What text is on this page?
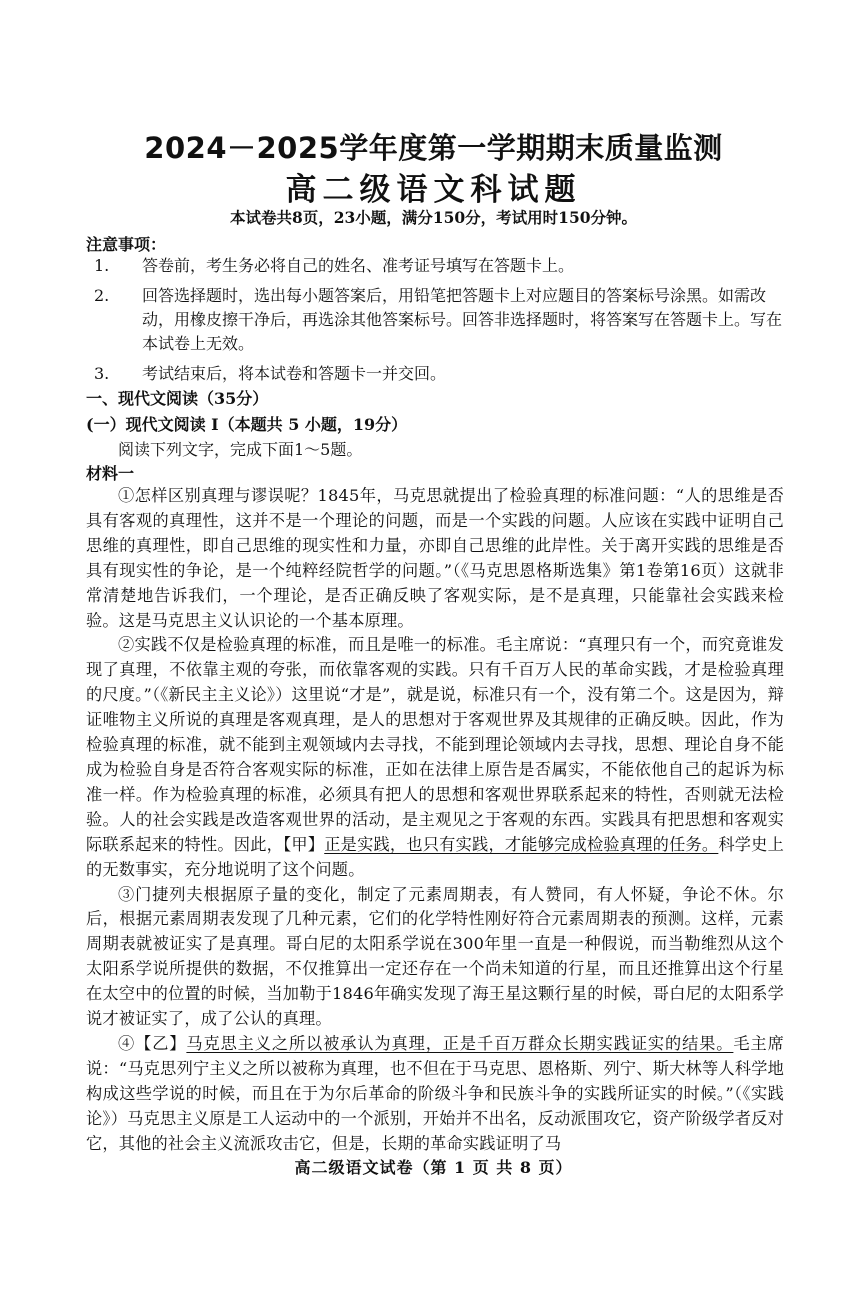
2024－2025学年度第一学期期末质量监测
高二级语文科试题
本试卷共8页，23小题，满分150分，考试用时150分钟。
注意事项：
1. 答卷前，考生务必将自己的姓名、准考证号填写在答题卡上。
2. 回答选择题时，选出每小题答案后，用铅笔把答题卡上对应题目的答案标号涂黑。如需改动，用橡皮擦干净后，再选涂其他答案标号。回答非选择题时，将答案写在答题卡上。写在本试卷上无效。
3. 考试结束后，将本试卷和答题卡一并交回。
一、现代文阅读（35分）
(一）现代文阅读 I（本题共 5 小题，19分）
阅读下列文字，完成下面1～5题。
材料一

①怎样区别真理与谬误呢？1845年，马克思就提出了检验真理的标准问题：“人的思维是否具有客观的真理性，这并不是一个理论的问题，而是一个实践的问题。人应该在实践中证明自己思维的真理性，即自己思维的现实性和力量，亦即自己思维的此岸性。关于离开实践的思维是否具有现实性的争论，是一个纯粹经院哲学的问题。”（《马克思恩格斯选集》第1卷第16页）这就非常清楚地告诉我们，一个理论，是否正确反映了客观实际，是不是真理，只能靠社会实践来检验。这是马克思主义认识论的一个基本原理。

②实践不仅是检验真理的标准，而且是唯一的标准。毛主席说：“真理只有一个，而究竟谁发现了真理，不依靠主观的夸张，而依靠客观的实践。只有千百万人民的革命实践，才是检验真理的尺度。”（《新民主主义论》）这里说“才是”，就是说，标准只有一个，没有第二个。这是因为，辩证唯物主义所说的真理是客观真理，是人的思想对于客观世界及其规律的正确反映。因此，作为检验真理的标准，就不能到主观领域内去寻找，不能到理论领域内去寻找，思想、理论自身不能成为检验自身是否符合客观实际的标准，正如在法律上原告是否属实，不能依他自己的起诉为标准一样。作为检验真理的标准，必须具有把人的思想和客观世界联系起来的特性，否则就无法检验。人的社会实践是改造客观世界的活动，是主观见之于客观的东西。实践具有把思想和客观实际联系起来的特性。因此，【甲】正是实践，也只有实践，才能够完成检验真理的任务。科学史上的无数事实，充分地说明了这个问题。

③门捷列夫根据原子量的变化，制定了元素周期表，有人赞同，有人怀疑，争论不休。尔后，根据元素周期表发现了几种元素，它们的化学特性刚好符合元素周期表的预测。这样，元素周期表就被证实了是真理。哥白尼的太阳系学说在300年里一直是一种假说，而当勒维烈从这个太阳系学说所提供的数据，不仅推算出一定还存在一个尚未知道的行星，而且还推算出这个行星在太空中的位置的时候，当加勒于1846年确实发现了海王星这颗行星的时候，哥白尼的太阳系学说才被证实了，成了公认的真理。

④【乙】马克思主义之所以被承认为真理，正是千百万群众长期实践证实的结果。毛主席说：“马克思列宁主义之所以被称为真理，也不但在于马克思、恩格斯、列宁、斯大林等人科学地构成这些学说的时候，而且在于为尔后革命的阶级斗争和民族斗争的实践所证实的时候。”（《实践论》）马克思主义原是工人运动中的一个派别，开始并不出名，反动派围攻它，资产阶级学者反对它，其他的社会主义流派攻击它，但是，长期的革命实践证明了马

高二级语文试卷（第 1 页 共 8 页）
